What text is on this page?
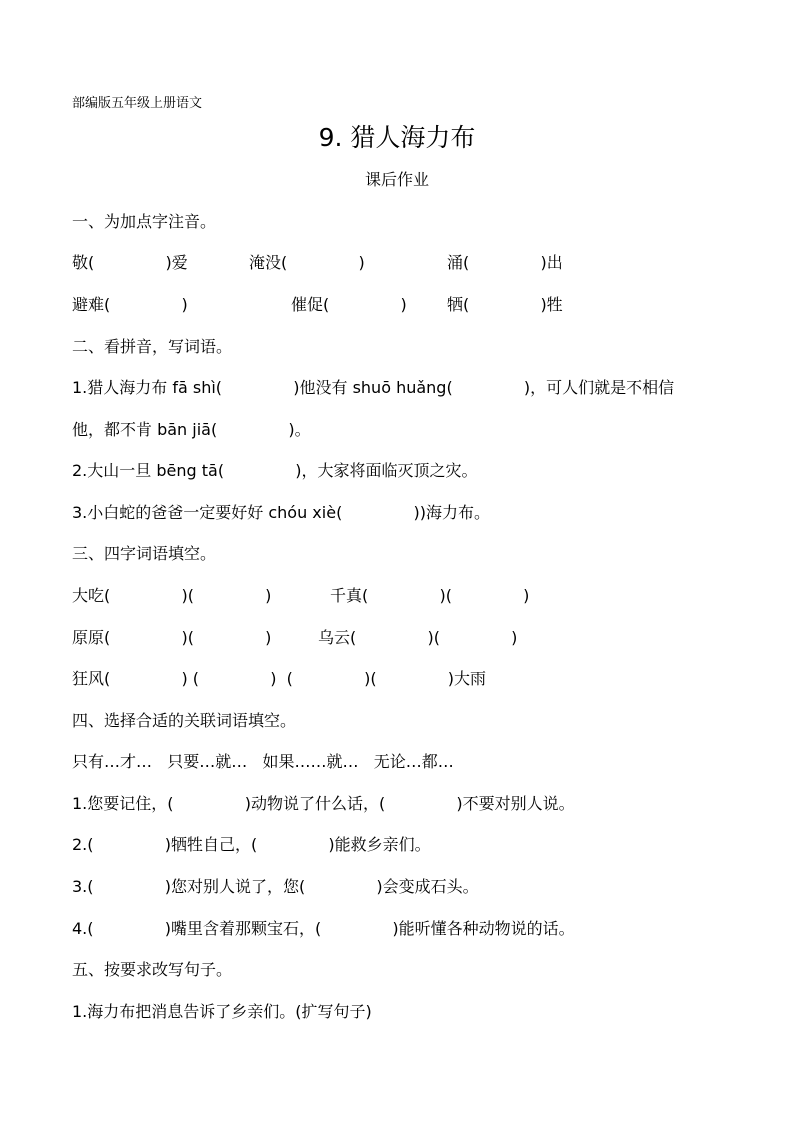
部编版五年级上册语文
9. 猎人海力布
课后作业
一、为加点字注音。
敬(              )爱	淹没(              )	涌(              )出
避难(              )	催促(              )	牺(              )牲
二、看拼音，写词语。
1.猎人海力布 fā shì(              )他没有 shuō huǎng(              )，可人们就是不相信
他，都不肯 bān jiā(              )。
2.大山一旦 bēng tā(              )，大家将面临灭顶之灾。
3.小白蛇的爸爸一定要好好 chóu xiè(              ))海力布。
三、四字词语填空。
大吃(              )(              )	千真(              )(              )
原原(              )(              )	乌云(              )(              )
狂风(              ) (              )  (              )(              )大雨
四、选择合适的关联词语填空。
只有…才…   只要…就…   如果……就…   无论…都…
1.您要记住，(              )动物说了什么话，(              )不要对别人说。
2.(              )牺牲自己，(              )能救乡亲们。
3.(              )您对别人说了，您(              )会变成石头。
4.(              )嘴里含着那颗宝石，(              )能听懂各种动物说的话。
五、按要求改写句子。
1.海力布把消息告诉了乡亲们。(扩写句子)
